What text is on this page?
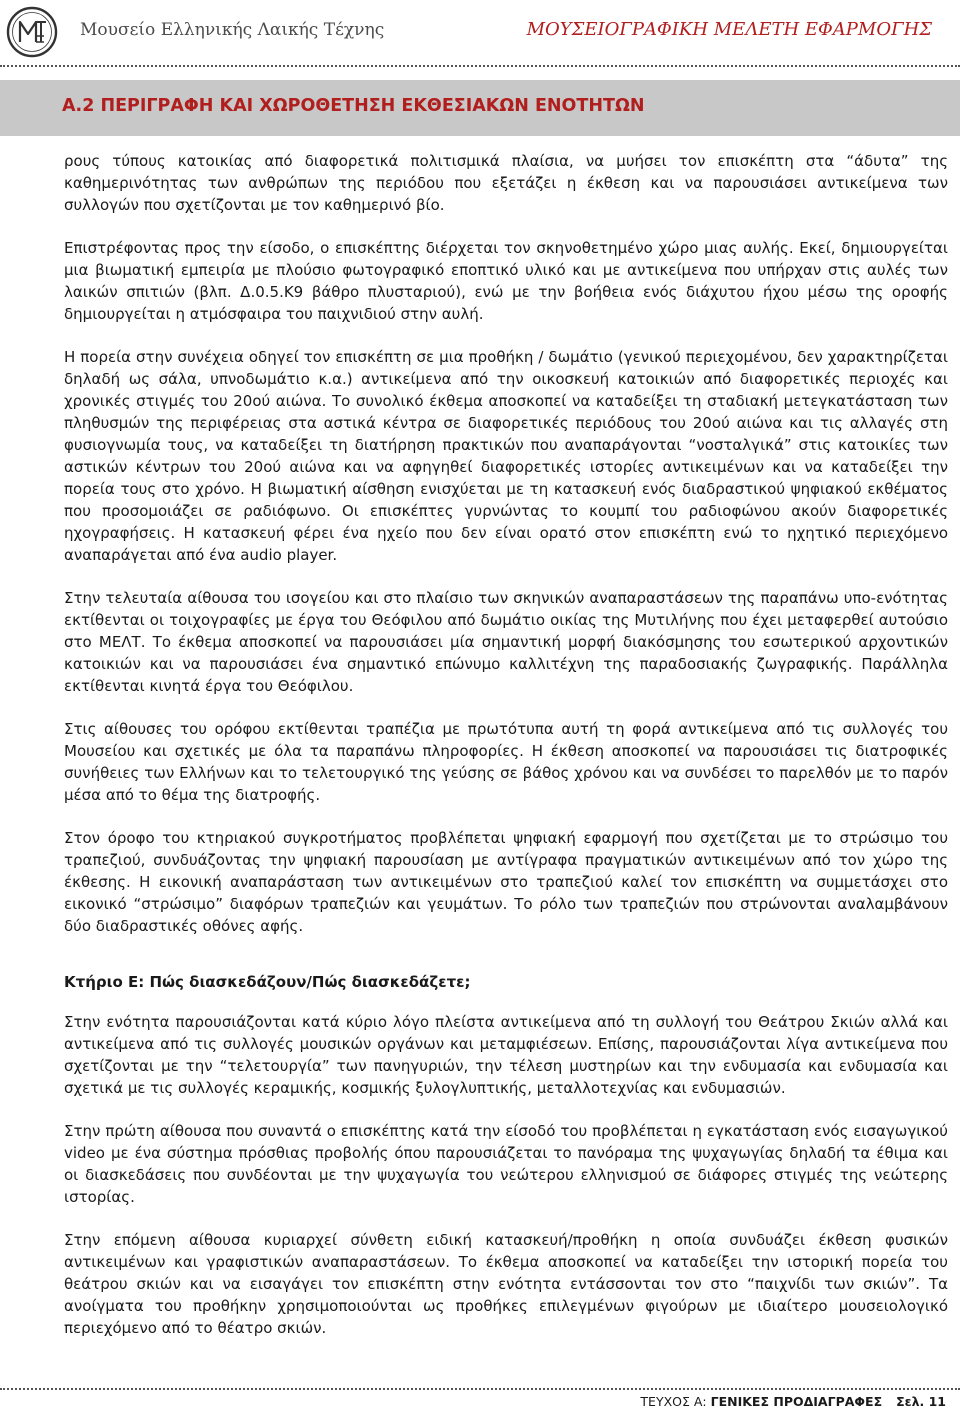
Μουσείο Ελληνικής Λαικής Τέχνης	ΜΟΥΣΕΙΟΓΡΑΦΙΚΗ ΜΕΛΕΤΗ ΕΦΑΡΜΟΓΗΣ
Α.2 ΠΕΡΙΓΡΑΦΗ ΚΑΙ ΧΩΡΟΘΕΤΗΣΗ ΕΚΘΕΣΙΑΚΩΝ ΕΝΟΤΗΤΩΝ

ρους τύπους κατοικίας από διαφορετικά πολιτισμικά πλαίσια, να μυήσει τον επισκέπτη στα “άδυτα” της καθημερινότητας των ανθρώπων της περιόδου που εξετάζει η έκθεση και να παρουσιάσει αντικείμενα των συλλογών που σχετίζονται με τον καθημερινό βίο.

Επιστρέφοντας προς την είσοδο, ο επισκέπτης διέρχεται τον σκηνοθετημένο χώρο μιας αυλής. Εκεί, δημιουργείται μια βιωματική εμπειρία με πλούσιο φωτογραφικό εποπτικό υλικό και με αντικείμενα που υπήρχαν στις αυλές των λαικών σπιτιών (βλπ. Δ.0.5.Κ9 βάθρο πλυσταριού), ενώ με την βοήθεια ενός διάχυτου ήχου μέσω της οροφής δημιουργείται η ατμόσφαιρα του παιχνιδιού στην αυλή.

Η πορεία στην συνέχεια οδηγεί τον επισκέπτη σε μια προθήκη / δωμάτιο (γενικού περιεχομένου, δεν χαρακτηρίζεται δηλαδή ως σάλα, υπνοδωμάτιο κ.α.) αντικείμενα από την οικοσκευή κατοικιών από διαφορετικές περιοχές και χρονικές στιγμές του 20ού αιώνα. Το συνολικό έκθεμα αποσκοπεί να καταδείξει τη σταδιακή μετεγκατάσταση των πληθυσμών της περιφέρειας στα αστικά κέντρα σε διαφορετικές περιόδους του 20ού αιώνα και τις αλλαγές στη φυσιογνωμία τους, να καταδείξει τη διατήρηση πρακτικών που αναπαράγονται “νοσταλγικά” στις κατοικίες των αστικών κέντρων του 20ού αιώνα και να αφηγηθεί διαφορετικές ιστορίες αντικειμένων και να καταδείξει την πορεία τους στο χρόνο. Η βιωματική αίσθηση ενισχύεται με τη κατασκευή ενός διαδραστικού ψηφιακού εκθέματος που προσομοιάζει σε ραδιόφωνο. Οι επισκέπτες γυρνώντας το κουμπί του ραδιοφώνου ακούν διαφορετικές ηχογραφήσεις. Η κατασκευή φέρει ένα ηχείο που δεν είναι ορατό στον επισκέπτη ενώ το ηχητικό περιεχόμενο αναπαράγεται από ένα audio player.

Στην τελευταία αίθουσα του ισογείου και στο πλαίσιο των σκηνικών αναπαραστάσεων της παραπάνω υπο-ενότητας εκτίθενται οι τοιχογραφίες με έργα του Θεόφιλου από δωμάτιο οικίας της Μυτιλήνης που έχει μεταφερθεί αυτούσιο στο ΜΕΛΤ. Το έκθεμα αποσκοπεί να παρουσιάσει μία σημαντική μορφή διακόσμησης του εσωτερικού αρχοντικών κατοικιών και να παρουσιάσει ένα σημαντικό επώνυμο καλλιτέχνη της παραδοσιακής ζωγραφικής. Παράλληλα εκτίθενται κινητά έργα του Θεόφιλου.

Στις αίθουσες του ορόφου εκτίθενται τραπέζια με πρωτότυπα αυτή τη φορά αντικείμενα από τις συλλογές του Μουσείου και σχετικές με όλα τα παραπάνω πληροφορίες. Η έκθεση αποσκοπεί να παρουσιάσει τις διατροφικές συνήθειες των Ελλήνων και το τελετουργικό της γεύσης σε βάθος χρόνου και να συνδέσει το παρελθόν με το παρόν μέσα από το θέμα της διατροφής.

Στον όροφο του κτηριακού συγκροτήματος προβλέπεται ψηφιακή εφαρμογή που σχετίζεται με το στρώσιμο του τραπεζιού, συνδυάζοντας την ψηφιακή παρουσίαση με αντίγραφα πραγματικών αντικειμένων από τον χώρο της έκθεσης. Η εικονική αναπαράσταση των αντικειμένων στο τραπεζιού καλεί τον επισκέπτη να συμμετάσχει στο εικονικό “στρώσιμο” διαφόρων τραπεζιών και γευμάτων. Το ρόλο των τραπεζιών που στρώνονται αναλαμβάνουν δύο διαδραστικές οθόνες αφής.

Κτήριο Ε: Πώς διασκεδάζουν/Πώς διασκεδάζετε;

Στην ενότητα παρουσιάζονται κατά κύριο λόγο πλείστα αντικείμενα από τη συλλογή του Θεάτρου Σκιών αλλά και αντικείμενα από τις συλλογές μουσικών οργάνων και μεταμφιέσεων. Επίσης, παρουσιάζονται λίγα αντικείμενα που σχετίζονται με την “τελετουργία” των πανηγυριών, την τέλεση μυστηρίων και την ενδυμασία και ενδυμασία και σχετικά με τις συλλογές κεραμικής, κοσμικής ξυλογλυπτικής, μεταλλοτεχνίας και ενδυμασιών.

Στην πρώτη αίθουσα που συναντά ο επισκέπτης κατά την είσοδό του προβλέπεται η εγκατάσταση ενός εισαγωγικού video με ένα σύστημα πρόσθιας προβολής όπου παρουσιάζεται το πανόραμα της ψυχαγωγίας δηλαδή τα έθιμα και οι διασκεδάσεις που συνδέονται με την ψυχαγωγία του νεώτερου ελληνισμού σε διάφορες στιγμές της νεώτερης ιστορίας.

Στην επόμενη αίθουσα κυριαρχεί σύνθετη ειδική κατασκευή/προθήκη η οποία συνδυάζει έκθεση φυσικών αντικειμένων και γραφιστικών αναπαραστάσεων. Το έκθεμα αποσκοπεί να καταδείξει την ιστορική πορεία του θεάτρου σκιών και να εισαγάγει τον επισκέπτη στην ενότητα εντάσσονται τον στο “παιχνίδι των σκιών”. Τα ανοίγματα του προθήκην χρησιμοποιούνται ως προθήκες επιλεγμένων φιγούρων με ιδιαίτερο μουσειολογικό περιεχόμενο από το θέατρο σκιών.

ΤΕΥΧΟΣ Α: ΓΕΝΙΚΕΣ ΠΡΟΔΙΑΓΡΑΦΕΣ Σελ. 11
